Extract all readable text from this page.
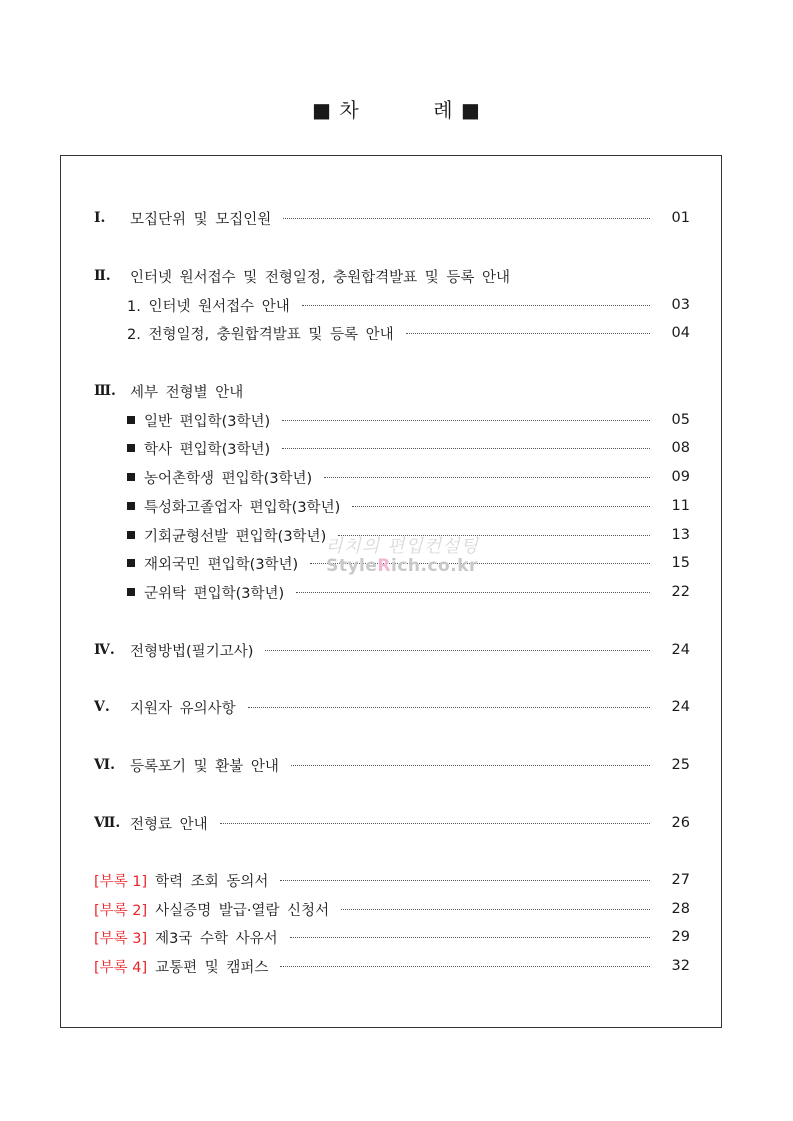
■ 차          례 ■
Ⅰ.	모집단위 및 모집인원	01
Ⅱ.	인터넷 원서접수 및 전형일정, 충원합격발표 및 등록 안내
1. 인터넷 원서접수 안내	03
2. 전형일정, 충원합격발표 및 등록 안내	04
Ⅲ. 세부 전형별 안내
일반 편입학(3학년)	05
학사 편입학(3학년)	08
농어촌학생 편입학(3학년)	09
특성화고졸업자 편입학(3학년)	11
기회균형선발 편입학(3학년)	13
재외국민 편입학(3학년)	15
군위탁 편입학(3학년)	22
Ⅳ.	전형방법(필기고사)	24
Ⅴ.	지원자 유의사항	24
Ⅵ.	등록포기 및 환불 안내	25
Ⅶ. 전형료 안내	26
[부록 1] 학력 조회 동의서	27
[부록 2] 사실증명 발급·열람 신청서	28
[부록 3] 제3국 수학 사유서	29
[부록 4] 교통편 및 캠퍼스	32
리치의 편입컨설팅
StyleRich.co.kr
